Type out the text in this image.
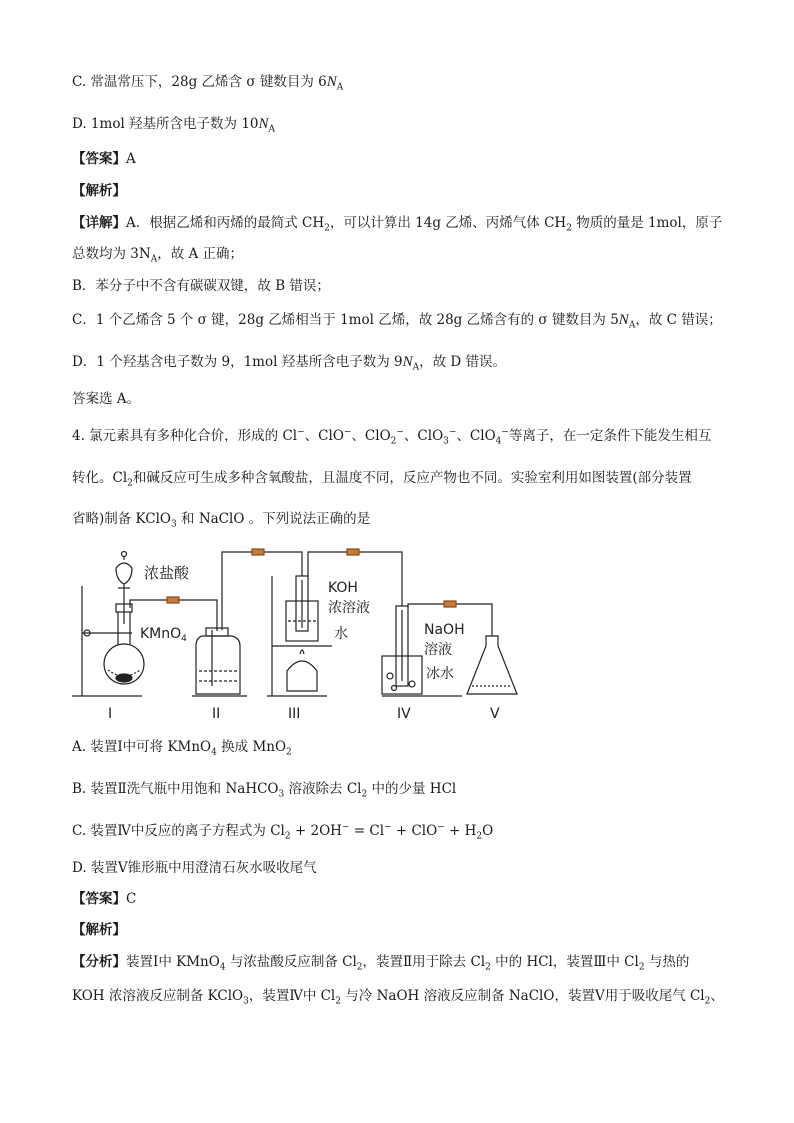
C. 常温常压下，28g 乙烯含 σ 键数目为 $6N_A$
D. 1mol 羟基所含电子数为 $10N_A$
【答案】A
【解析】
【详解】A．根据乙烯和丙烯的最简式 $CH_2$，可以计算出 14g 乙烯、丙烯气体 $CH_2$ 物质的量是 1mol，原子
总数均为 $3N_A$，故 A 正确；
B．苯分子中不含有碳碳双键，故 B 错误；
C．1 个乙烯含 5 个 σ 键，28g 乙烯相当于 1mol 乙烯，故 28g 乙烯含有的 σ 键数目为 $5N_A$，故 C 错误；
D．1 个羟基含电子数为 9，1mol 羟基所含电子数为 $9N_A$，故 D 错误。
答案选 A。
4. 氯元素具有多种化合价，形成的 Cl−、ClO−、ClO$_2$−、ClO$_3$−、ClO$_4$−等离子，在一定条件下能发生相互
转化。$Cl_2$和碱反应可生成多种含氧酸盐，且温度不同，反应产物也不同。实验室利用如图装置(部分装置
省略)制备 KClO$_3$ 和 NaClO 。下列说法正确的是
浓盐酸
KMnO$_4$
KOH
浓溶液
水	NaOH
溶液
冰水
I	II	III	IV	V
A. 装置Ⅰ中可将 KMnO$_4$ 换成 MnO$_2$
B. 装置Ⅱ洗气瓶中用饱和 NaHCO$_3$ 溶液除去 $Cl_2$ 中的少量 HCl
C. 装置Ⅳ中反应的离子方程式为 $Cl_2 + 2OH^- = Cl^- + ClO^- + H_2O$
D. 装置Ⅴ锥形瓶中用澄清石灰水吸收尾气
【答案】C
【解析】
【分析】装置Ⅰ中 KMnO$_4$ 与浓盐酸反应制备 $Cl_2$，装置Ⅱ用于除去 $Cl_2$ 中的 HCl，装置Ⅲ中 $Cl_2$ 与热的
KOH 浓溶液反应制备 KClO$_3$，装置Ⅳ中 $Cl_2$ 与冷 NaOH 溶液反应制备 NaClO，装置Ⅴ用于吸收尾气 $Cl_2$、
